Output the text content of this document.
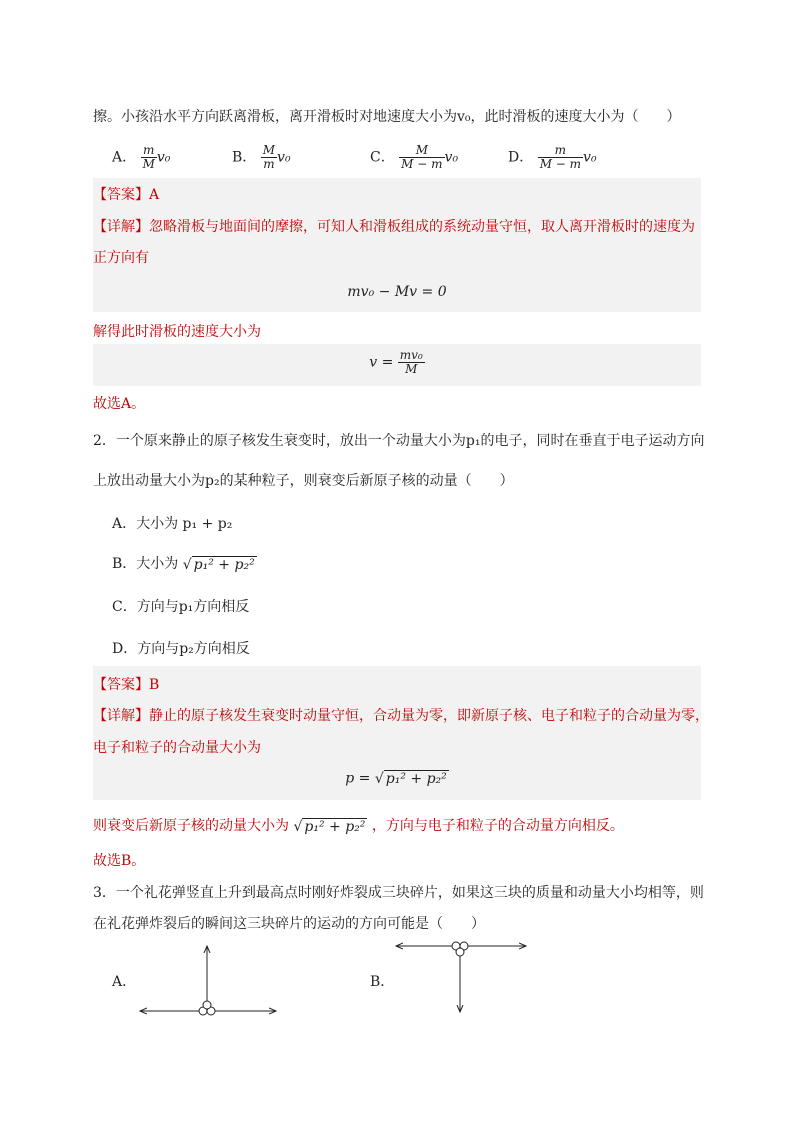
擦。小孩沿水平方向跃离滑板，离开滑板时对地速度大小为v₀，此时滑板的速度大小为（　　）
A． $\frac{m}{M} v_0$	B． $\frac{M}{m} v_0$	C． $\frac{M}{M - m} v_0$	D． $\frac{m}{M - m} v_0$
【答案】A
【详解】忽略滑板与地面间的摩擦，可知人和滑板组成的系统动量守恒，取人离开滑板时的速度为
正方向有
mv₀ − Mv = 0
解得此时滑板的速度大小为
$v = \frac{\text{mv₀}}{M}$
故选A。
2．一个原来静止的原子核发生衰变时，放出一个动量大小为p₁的电子，同时在垂直于电子运动方向
上放出动量大小为p₂的某种粒子，则衰变后新原子核的动量（　　）
A．大小为 p₁ + p₂
B．大小为 √ p₁² + p₂²
C．方向与p₁方向相反
D．方向与p₂方向相反
【答案】B
【详解】静止的原子核发生衰变时动量守恒，合动量为零，即新原子核、电子和粒子的合动量为零，
电子和粒子的合动量大小为
p = √ p₁² + p₂²
则衰变后新原子核的动量大小为 √ p₁² + p₂² ，方向与电子和粒子的合动量方向相反。
故选B。
3．一个礼花弹竖直上升到最高点时刚好炸裂成三块碎片，如果这三块的质量和动量大小均相等，则
在礼花弹炸裂后的瞬间这三块碎片的运动的方向可能是（　　）
A．	B．
